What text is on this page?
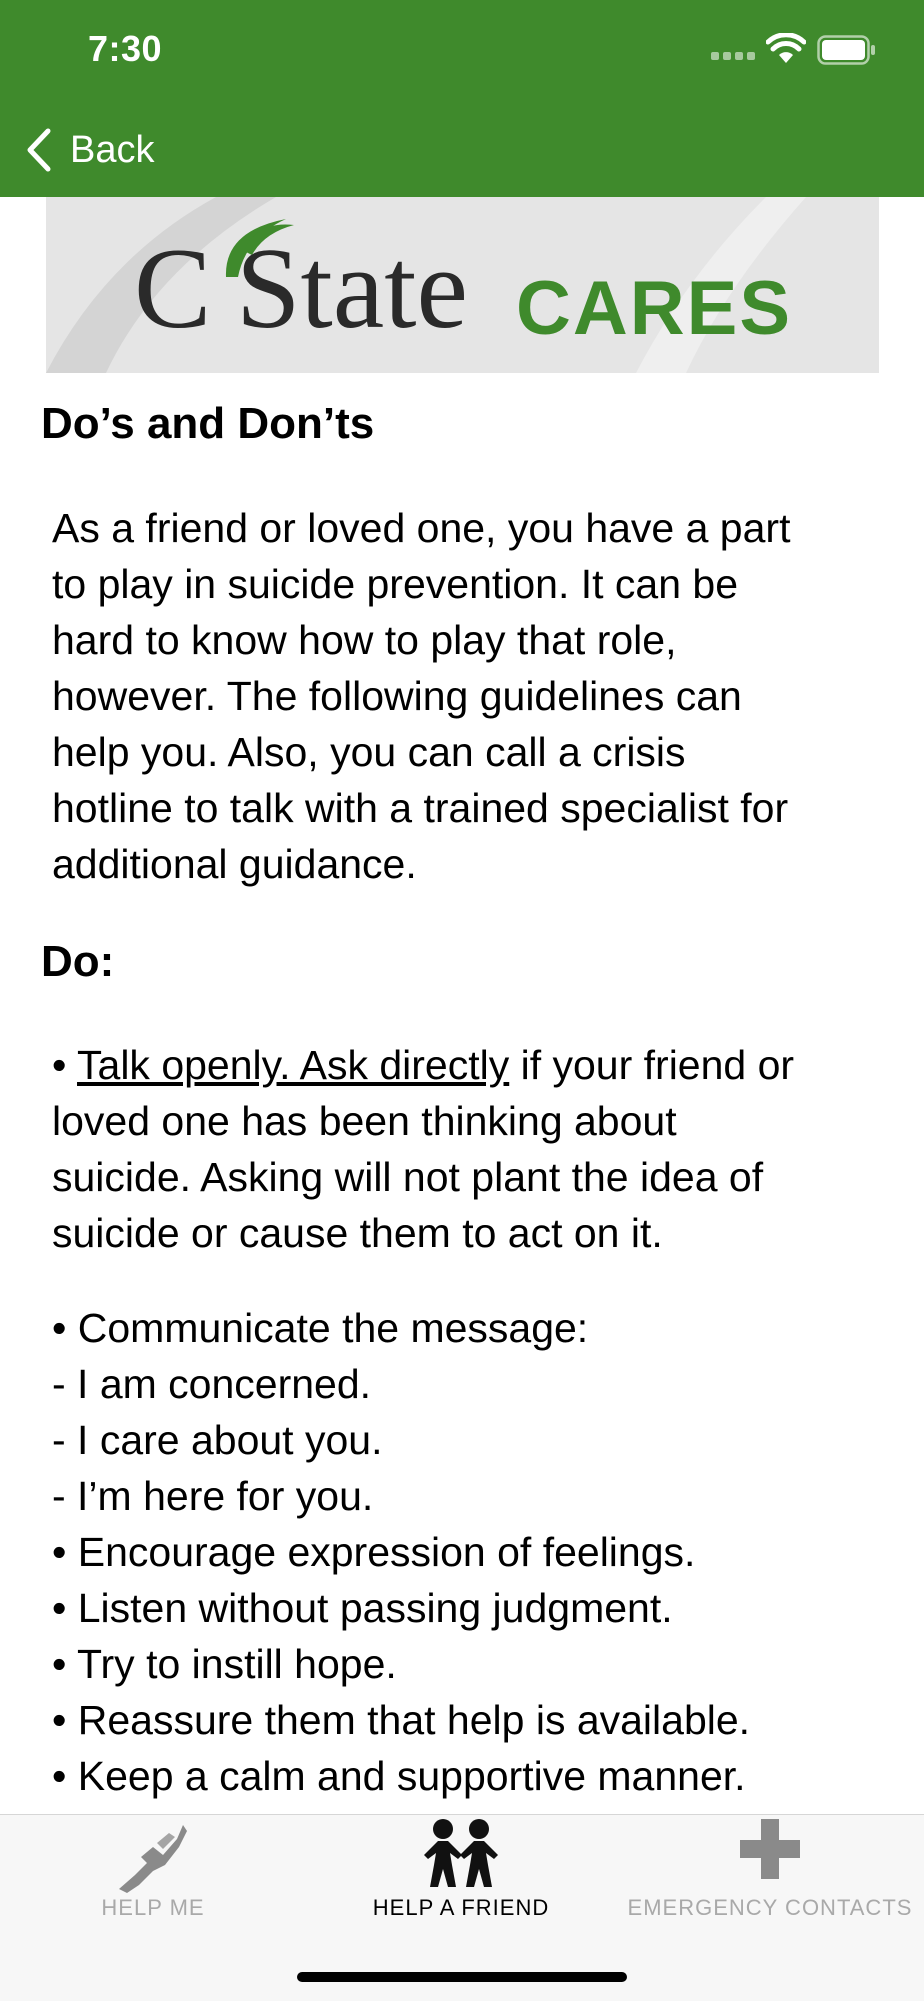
7:30
Back
C State CARES
Do’s and Don’ts
As a friend or loved one, you have a part
to play in suicide prevention. It can be
hard to know how to play that role,
however. The following guidelines can
help you. Also, you can call a crisis
hotline to talk with a trained specialist for
additional guidance.
Do:
• Talk openly. Ask directly if your friend or
loved one has been thinking about
suicide. Asking will not plant the idea of
suicide or cause them to act on it.
• Communicate the message:
- I am concerned.
- I care about you.
- I’m here for you.
• Encourage expression of feelings.
• Listen without passing judgment.
• Try to instill hope.
• Reassure them that help is available.
• Keep a calm and supportive manner.
HELP ME	HELP A FRIEND	EMERGENCY CONTACTS
